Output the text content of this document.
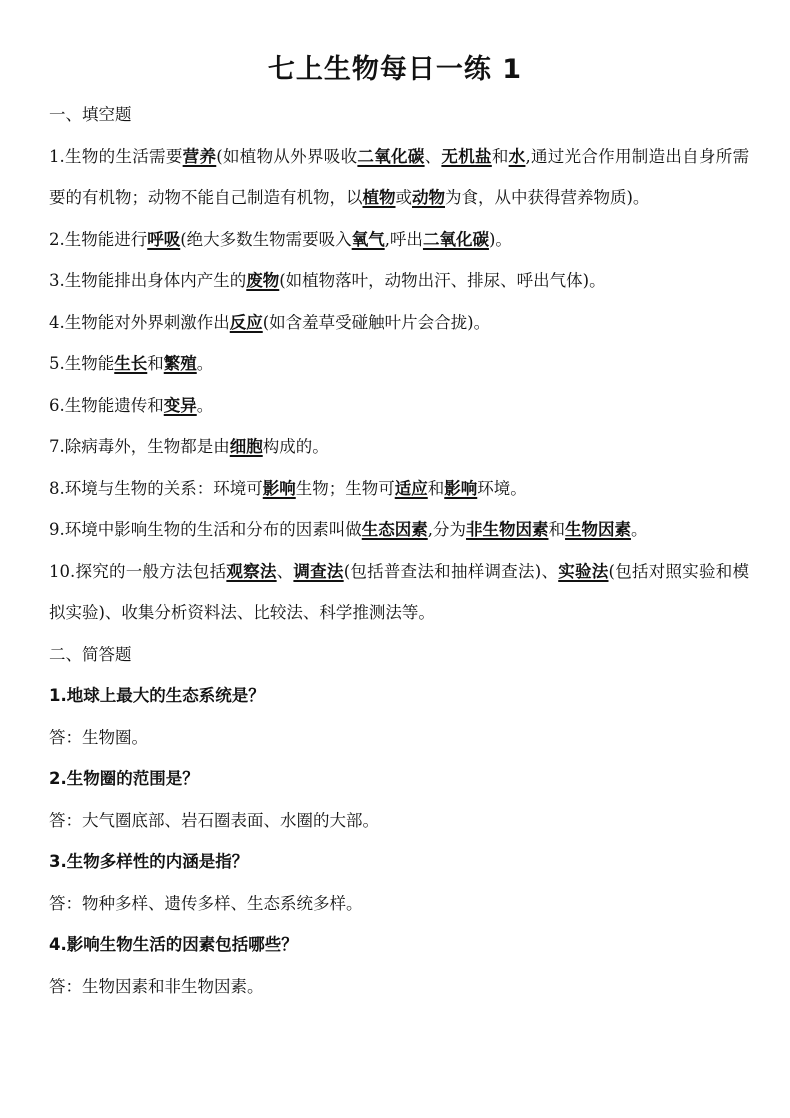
七上生物每日一练 1
一、填空题
1.生物的生活需要营养(如植物从外界吸收二氧化碳、无机盐和水,通过光合作用制造出自身所需要的有机物；动物不能自己制造有机物，以植物或动物为食，从中获得营养物质)。
2.生物能进行呼吸(绝大多数生物需要吸入氧气,呼出二氧化碳)。
3.生物能排出身体内产生的废物(如植物落叶，动物出汗、排尿、呼出气体)。
4.生物能对外界刺激作出反应(如含羞草受碰触叶片会合拢)。
5.生物能生长和繁殖。
6.生物能遗传和变异。
7.除病毒外，生物都是由细胞构成的。
8.环境与生物的关系：环境可影响生物；生物可适应和影响环境。
9.环境中影响生物的生活和分布的因素叫做生态因素,分为非生物因素和生物因素。
10.探究的一般方法包括观察法、调查法(包括普查法和抽样调查法)、实验法(包括对照实验和模拟实验)、收集分析资料法、比较法、科学推测法等。
二、简答题
1.地球上最大的生态系统是？
答：生物圈。
2.生物圈的范围是？
答：大气圈底部、岩石圈表面、水圈的大部。
3.生物多样性的内涵是指？
答：物种多样、遗传多样、生态系统多样。
4.影响生物生活的因素包括哪些？
答：生物因素和非生物因素。
